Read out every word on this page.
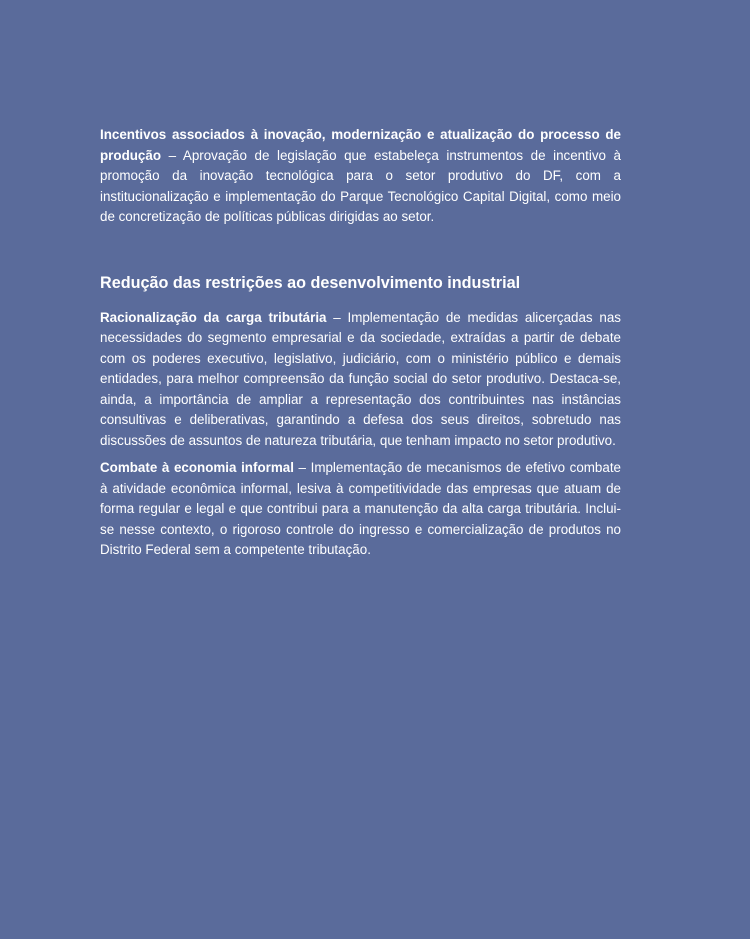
Incentivos associados à inovação, modernização e atualização do processo de produção – Aprovação de legislação que estabeleça instrumentos de incentivo à promoção da inovação tecnológica para o setor produtivo do DF, com a institucionalização e implementação do Parque Tecnológico Capital Digital, como meio de concretização de políticas públicas dirigidas ao setor.

Redução das restrições ao desenvolvimento industrial

Racionalização da carga tributária – Implementação de medidas alicerçadas nas necessidades do segmento empresarial e da sociedade, extraídas a partir de debate com os poderes executivo, legislativo, judiciário, com o ministério público e demais entidades, para melhor compreensão da função social do setor produtivo. Destaca-se, ainda, a importância de ampliar a representação dos contribuintes nas instâncias consultivas e deliberativas, garantindo a defesa dos seus direitos, sobretudo nas discussões de assuntos de natureza tributária, que tenham impacto no setor produtivo.

Combate à economia informal – Implementação de mecanismos de efetivo combate à atividade econômica informal, lesiva à competitividade das empresas que atuam de forma regular e legal e que contribui para a manutenção da alta carga tributária. Inclui-se nesse contexto, o rigoroso controle do ingresso e comercialização de produtos no Distrito Federal sem a competente tributação.
